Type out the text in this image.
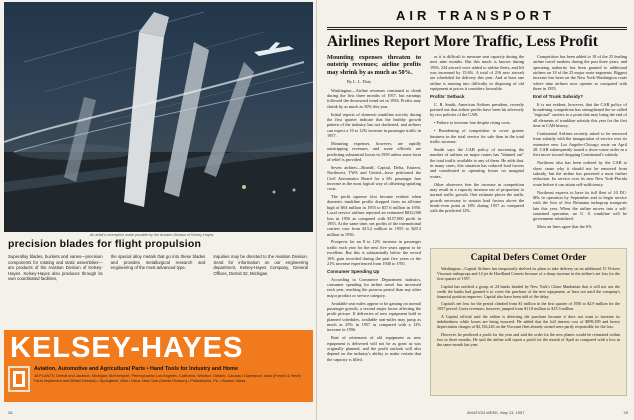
An artist's conception made possible by the Aviation Division of Kelsey-Hayes.
precision blades for flight propulsion
Superalloy blades, buckets and vanes—precision components for rotating and static assemblies—are products of the Aviation Division of Kelsey-Hayes. Kelsey-Hayes also produces through its own coordinated facilities,
the special alloy metals that go into these blades and provides metallurgical research and engineering of the most advanced type.
Inquiries may be directed to the Aviation Division. Send for information on our engineering department, Kelsey-Hayes Company, General Offices, Detroit 32, Michigan.
KELSEY-HAYES
Aviation, Automotive and Agricultural Parts • Hand Tools for Industry and Home
18 PLANTS: Detroit and Jackson, Michigan; McKeesport, Pennsylvania; Los Angeles, California; Windsor, Ontario, Canada • Davenport, Iowa (French & Hecht Farm Implement and Wheel Division) • Springfield, Ohio • Utica, New York (Heintz Division) • Philadelphia, Pa. • Boston, Mass.
28
AIR TRANSPORT
Airlines Report More Traffic, Less Profit
Mounting expenses threaten to outstrip revenues; airline profits may shrink by as much as 50%.
By L. L. Doty

Washington—Airline revenues continued to climb during the first three months of 1957, but earnings followed the downward trend set in 1956. Profits may shrink by as much as 50% this year.

Initial reports of domestic trunkline activity during the first quarter indicate that the healthy growth pattern of the industry has not slackened, and airlines can expect a 10 to 12% increase in passenger traffic in 1957.

Mounting expenses, however, are rapidly outstripping revenues, and some officials are predicting substantial losses in 1958 unless some form of relief is provided.

Seven airlines—Braniff, Capital, Delta, Eastern, Northwest, TWA and United—have petitioned the Civil Aeronautics Board for a 6% passenger fare increase as the most logical way of offsetting spiraling costs.

The profit squeeze first became evident when domestic trunkline profits dropped from an all-time high of $63 million in 1955 to $37.6 million in 1956. Local service airlines reported an estimated $832,000 loss in 1956 as compared with $157,000 profit in 1955. At the same time, net profits of the international carriers rose from $13.2 million in 1955 to $20.3 million in 1956.

Prospects for an 8 to 12% increase in passenger traffic each year for the next five years appear to be excellent. But this is substantially below the record 16% gain recorded during the past five years or the 21% increase experienced from 1940 to 1951.

Consumer Spending Up

According to Commerce Department statistics, consumer spending for airline travel has increased each year, reaching the postwar period than any other major product or service category.

Available seat miles appear to be gaining on normal passenger growth, a second major factor affecting the profit picture. If deliveries of new equipment hold to planned schedules, available seat-miles may jump as much as 25% in 1957 as compared with a 12% increase in 1956.

Rate of retirement of old equipment as new equipment is delivered will not be as great as was originally planned, and the profit outlook will also depend on the industry's ability to make certain that the capacity is filled.

or it is difficult to measure seat capacity during the next nine months. But this much is known during 1956, 234 aircraft were added to airline fleets, and lift was increased by 15.6%. A total of 216 new aircraft are scheduled for delivery this year. And at least one airline is running into difficulty in disposing of old equipment at prices it considers favorable.

Profits' Setback

C. R. Smith, American Airlines president, recently pointed out that airline profits have been hit adversely by two policies of the CAB:

• Failure to increase fare despite rising costs.

• Broadening of competition to cover greater business in the total service for sale than in the total traffic increase.

Smith says the CAB policy of increasing the number of airlines on major routes has "thinned out" the total traffic available to any of them. He adds that, in many cases, this situation has reduced load factors and contributed to operating losses on marginal routes.

Other observers fear the increase in competition may result in a capacity increase out of proportion to normal traffic growth. One estimate places the traffic growth necessary to sustain load factors above the break-even point at 18% during 1957 as compared with the predicted 12%.

Competition has been added to 18 of the 25 leading airline travel markets during the past three years, and operating authority has been granted to additional airlines on 18 of the 25 major route segments. Biggest increase has been on the New York-Washington route where nine airlines now operate as compared with three in 1955.

End of Trunk Subsidy?

It is not evident, however, that the CAB policy of broadening competition has strengthened the so-called "regional" carriers to a point that may bring the end of all elements of trunkline subsidy this year for the first time in CAB history.

Continental Airlines recently asked to be removed from subsidy with the inauguration of service over its extensive new Los Angeles-Chicago route on April 28. CAB subsequently issued a show-cause order in a first move toward dropping Continental's subsidy.

Northeast also has been ordered by the CAB to show cause why it should not be removed from subsidy, but the airline has protested a most further reduction. Its service over its new New York-Florida route before it can attain self-sufficiency.

Northeast expects to have its full fleet of 10 DC-6Bs in operation by September and to begin service with the first of five Britannia turboprop transports late this year. When the airline moves into a self-sustained operation, no U. S. trunkline will be government subsidized.

Most air lines agree that the 6%

Capital Defers Comet Order

Washington—Capital Airlines has temporarily shelved its plans to take delivery on an additional 15 Vickers Viscount turboprops and 14 jet de Havilland Comets because of a sharp increase in the airline's net loss for the first quarter of 1957.

Capital has notified a group of 24 banks headed by New York's Chase Manhattan that it will not use the credit the banks had granted it to cover the purchase of the new equipment, at least not until the company's financial position improves. Capital also have been told of the delay.

Capital's net loss for the period climbed from $1 million in the first quarter of 1956 to $2.9 million for the 1957 period. Gross revenues, however, jumped from $11.8 million to $15.5 million.

A Capital official said the airline is deferring the purchase because it does not want to increase its indebtedness while losses are being incurred. He added that the full interest cost of $899,299 and heavy depreciation charges of $2,156,245 on the Viscount fleet already owned were partly responsible for the loss.

However, he predicted a profit for the year and said the order for the new planes would be reinstated within two or three months. He said the airline will report a profit for the month of April as compared with a loss in the same month last year.

AVIATION WEEK, May 13, 1957	29
